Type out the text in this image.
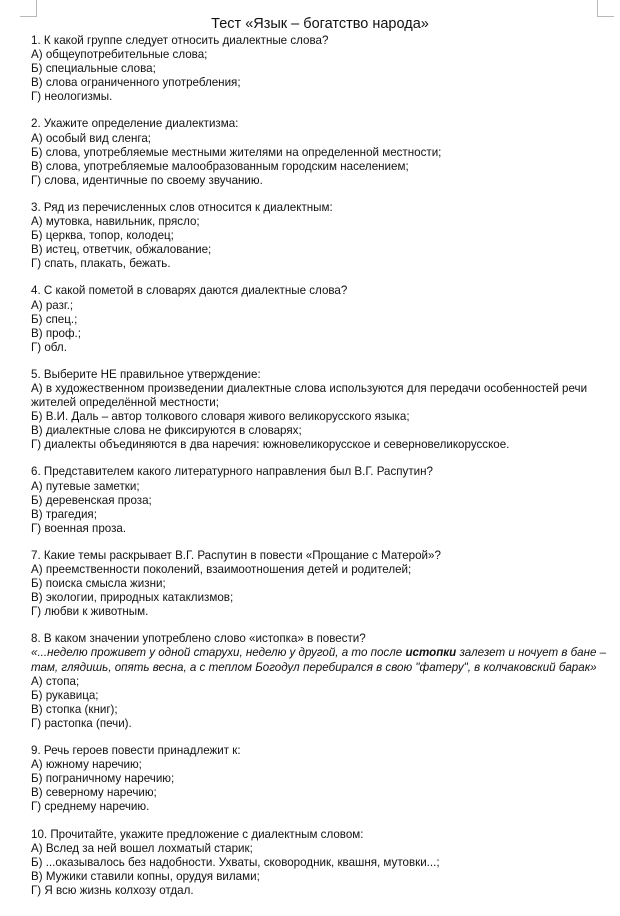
Тест «Язык – богатство народа»
1. К какой группе следует относить диалектные слова?
А) общеупотребительные слова;
Б) специальные слова;
В) слова ограниченного употребления;
Г) неологизмы.
2. Укажите определение диалектизма:
А) особый вид сленга;
Б) слова, употребляемые местными жителями на определенной местности;
В) слова, употребляемые малообразованным городским населением;
Г) слова, идентичные по своему звучанию.
3. Ряд из перечисленных слов относится к диалектным:
А) мутовка, навильник, прясло;
Б) церква, топор, колодец;
В) истец, ответчик, обжалование;
Г) спать, плакать, бежать.
4. С какой пометой в словарях даются диалектные слова?
А) разг.;
Б) спец.;
В) проф.;
Г) обл.
5. Выберите НЕ правильное утверждение:
А) в художественном произведении диалектные слова используются для передачи особенностей речи жителей определённой местности;
Б) В.И. Даль – автор толкового словаря живого великорусского языка;
В) диалектные слова не фиксируются в словарях;
Г) диалекты объединяются в два наречия: южновеликорусское и северновеликорусское.
6. Представителем какого литературного направления был В.Г. Распутин?
А) путевые заметки;
Б) деревенская проза;
В) трагедия;
Г) военная проза.
7. Какие темы раскрывает В.Г. Распутин в повести «Прощание с Матерой»?
А) преемственности поколений, взаимоотношения детей и родителей;
Б) поиска смысла жизни;
В) экологии, природных катаклизмов;
Г) любви к животным.
8. В каком значении употреблено слово «истопка» в повести?
«...неделю проживет у одной старухи, неделю у другой, а то после истопки залезет и ночует в бане – там, глядишь, опять весна, а с теплом Богодул перебирался в свою "фатеру", в колчаковский барак»
А) стопа;
Б) рукавица;
В) стопка (книг);
Г) растопка (печи).
9. Речь героев повести принадлежит к:
А) южному наречию;
Б) пограничному наречию;
В) северному наречию;
Г) среднему наречию.
10. Прочитайте, укажите предложение с диалектным словом:
А) Вслед за ней вошел лохматый старик;
Б) ...оказывалось без надобности. Ухваты, сковородник, квашня, мутовки...;
В) Мужики ставили копны, орудуя вилами;
Г) Я всю жизнь колхозу отдал.
